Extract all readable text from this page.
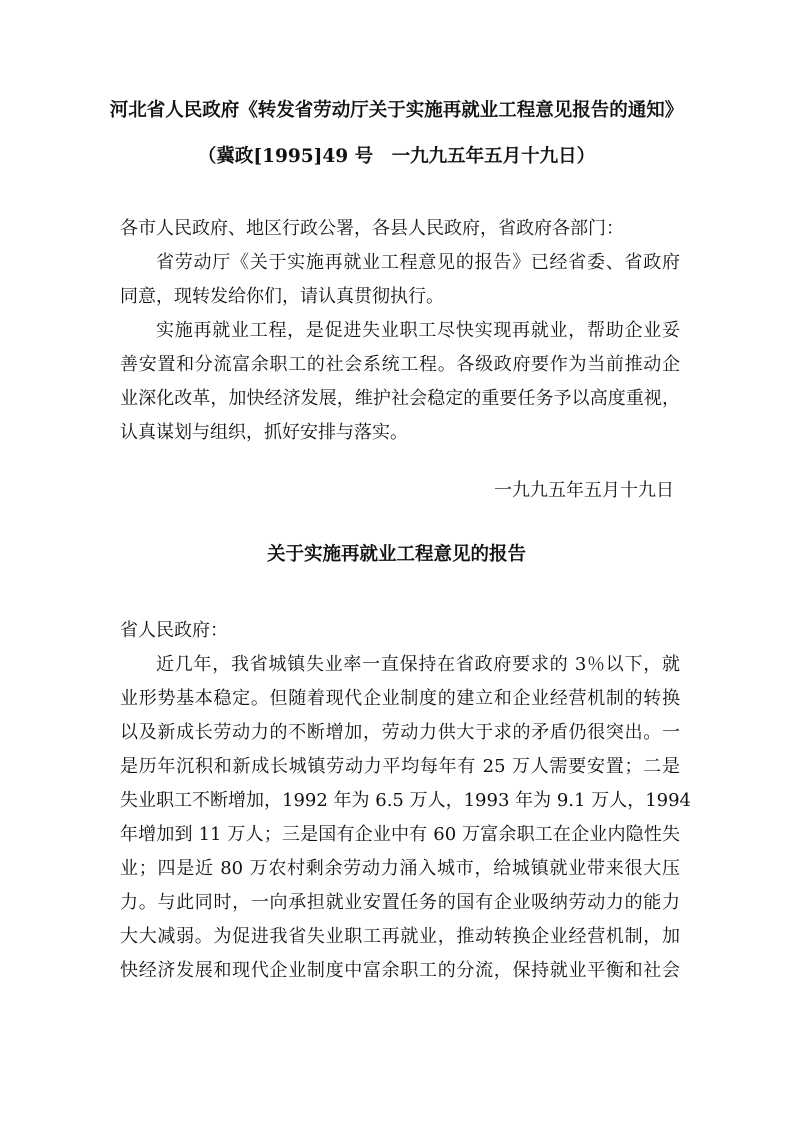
河北省人民政府《转发省劳动厅关于实施再就业工程意见报告的通知》
（冀政[1995]49 号　一九九五年五月十九日）
各市人民政府、地区行政公署，各县人民政府，省政府各部门：
省劳动厅《关于实施再就业工程意见的报告》已经省委、省政府
同意，现转发给你们，请认真贯彻执行。
实施再就业工程，是促进失业职工尽快实现再就业，帮助企业妥
善安置和分流富余职工的社会系统工程。各级政府要作为当前推动企
业深化改革，加快经济发展，维护社会稳定的重要任务予以高度重视，
认真谋划与组织，抓好安排与落实。
一九九五年五月十九日
关于实施再就业工程意见的报告
省人民政府：
近几年，我省城镇失业率一直保持在省政府要求的 3％以下，就
业形势基本稳定。但随着现代企业制度的建立和企业经营机制的转换
以及新成长劳动力的不断增加，劳动力供大于求的矛盾仍很突出。一
是历年沉积和新成长城镇劳动力平均每年有 25 万人需要安置；二是
失业职工不断增加，1992 年为 6.5 万人，1993 年为 9.1 万人，1994
年增加到 11 万人；三是国有企业中有 60 万富余职工在企业内隐性失
业；四是近 80 万农村剩余劳动力涌入城市，给城镇就业带来很大压
力。与此同时，一向承担就业安置任务的国有企业吸纳劳动力的能力
大大减弱。为促进我省失业职工再就业，推动转换企业经营机制，加
快经济发展和现代企业制度中富余职工的分流，保持就业平衡和社会
